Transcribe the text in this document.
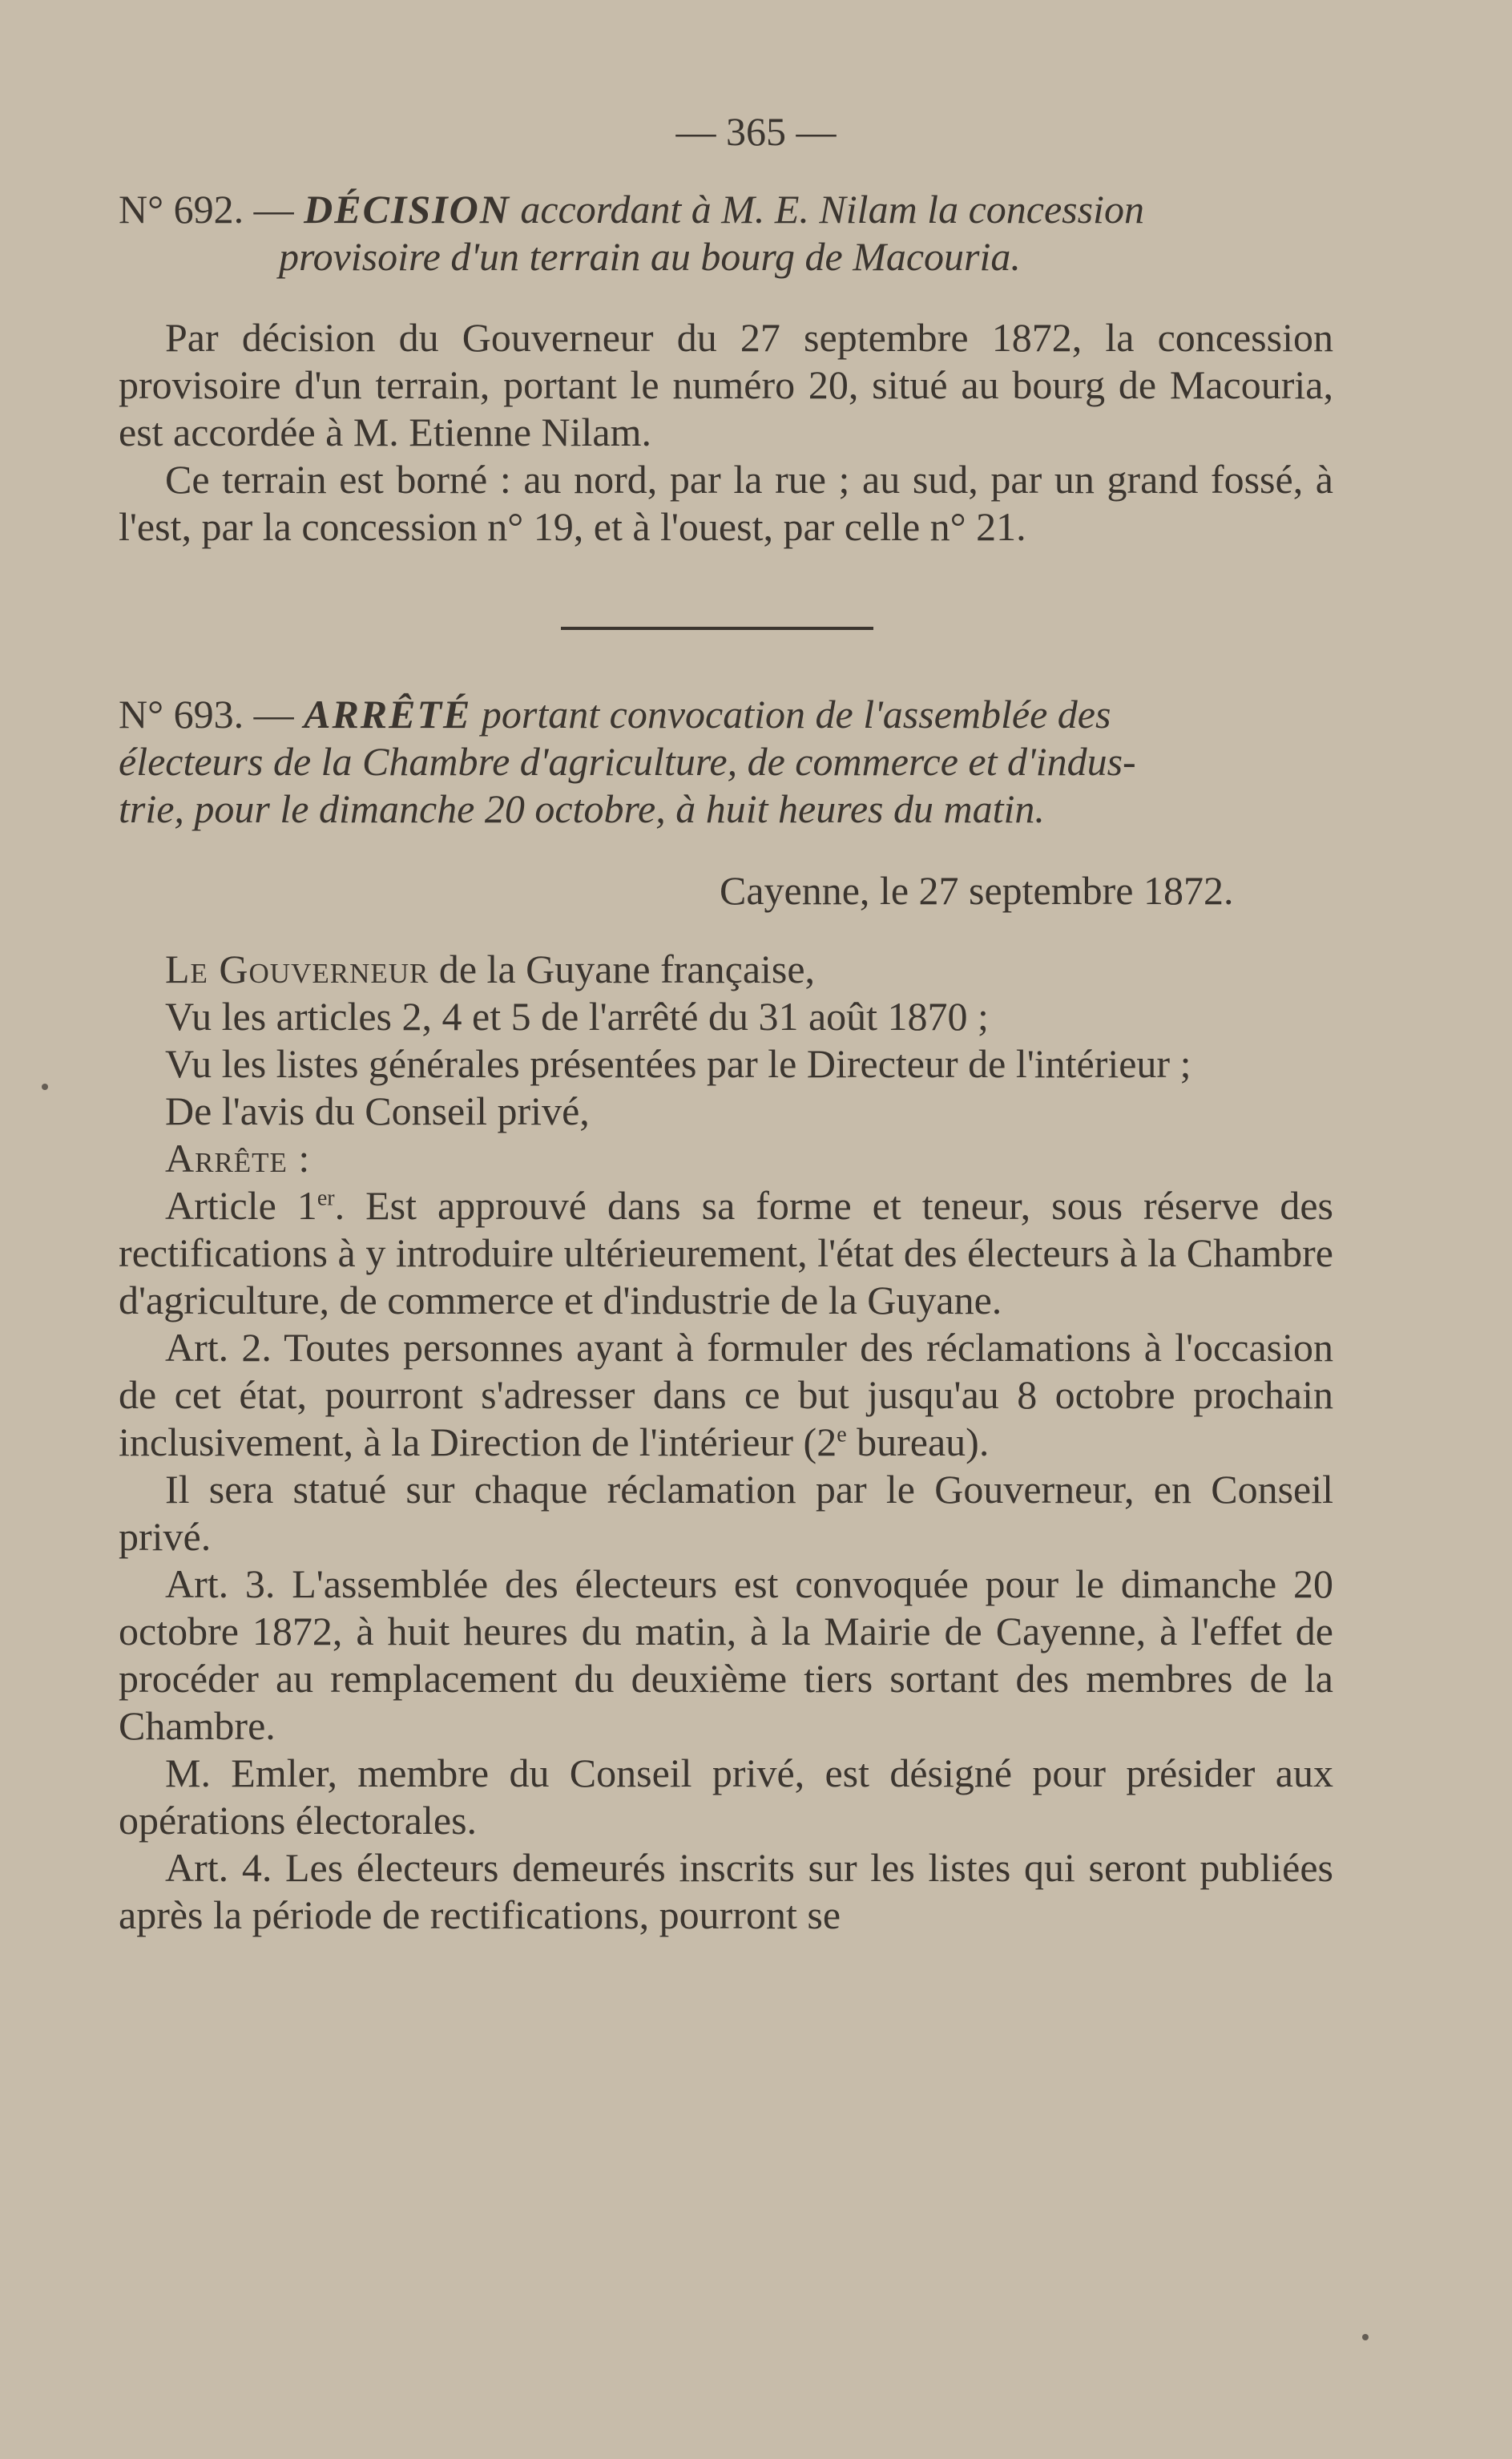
— 365 —
N° 692. — DÉCISION accordant à M. E. Nilam la concession
provisoire d'un terrain au bourg de Macouria.

Par décision du Gouverneur du 27 septembre 1872, la concession provisoire d'un terrain, portant le numéro 20, situé au bourg de Macouria, est accordée à M. Etienne Nilam.

Ce terrain est borné : au nord, par la rue ; au sud, par un grand fossé, à l'est, par la concession n° 19, et à l'ouest, par celle n° 21.

N° 693. — ARRÊTÉ portant convocation de l'assemblée des
électeurs de la Chambre d'agriculture, de commerce et d'indus-
trie, pour le dimanche 20 octobre, à huit heures du matin.
Cayenne, le 27 septembre 1872.

Le Gouverneur de la Guyane française,

Vu les articles 2, 4 et 5 de l'arrêté du 31 août 1870 ;

Vu les listes générales présentées par le Directeur de l'intérieur ;

De l'avis du Conseil privé,

Arrête :

Article 1er. Est approuvé dans sa forme et teneur, sous réserve des rectifications à y introduire ultérieurement, l'état des électeurs à la Chambre d'agriculture, de commerce et d'industrie de la Guyane.

Art. 2. Toutes personnes ayant à formuler des réclamations à l'occasion de cet état, pourront s'adresser dans ce but jusqu'au 8 octobre prochain inclusivement, à la Direction de l'intérieur (2e bureau).

Il sera statué sur chaque réclamation par le Gouverneur, en Conseil privé.

Art. 3. L'assemblée des électeurs est convoquée pour le dimanche 20 octobre 1872, à huit heures du matin, à la Mairie de Cayenne, à l'effet de procéder au remplacement du deuxième tiers sortant des membres de la Chambre.

M. Emler, membre du Conseil privé, est désigné pour présider aux opérations électorales.

Art. 4. Les électeurs demeurés inscrits sur les listes qui seront publiées après la période de rectifications, pourront se
